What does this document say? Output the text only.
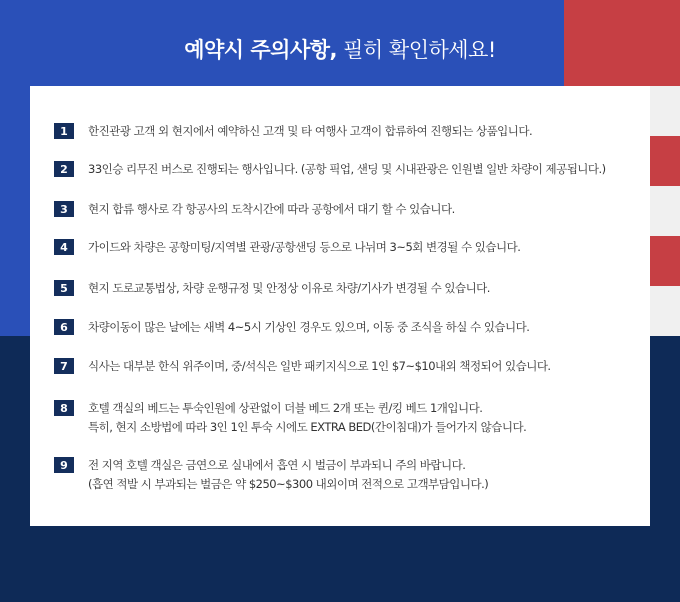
예약시 주의사항, 필히 확인하세요!
1	한진관광 고객 외 현지에서 예약하신 고객 및 타 여행사 고객이 합류하여 진행되는 상품입니다.
2	33인승 리무진 버스로 진행되는 행사입니다. (공항 픽업, 샌딩 및 시내관광은 인원별 일반 차량이 제공됩니다.)
3	현지 합류 행사로 각 항공사의 도착시간에 따라 공항에서 대기 할 수 있습니다.
4	가이드와 차량은 공항미팅/지역별 관광/공항샌딩 등으로 나뉘며 3~5회 변경될 수 있습니다.
5	현지 도로교통법상, 차량 운행규정 및 안정상 이유로 차량/기사가 변경될 수 있습니다.
6	차량이동이 많은 날에는 새벽 4~5시 기상인 경우도 있으며, 이동 중 조식을 하실 수 있습니다.
7	식사는 대부분 한식 위주이며, 중/석식은 일반 패키지식으로 1인 $7~$10내외 책정되어 있습니다.
8	호텔 객실의 베드는 투숙인원에 상관없이 더블 베드 2개 또는 퀸/킹 베드 1개입니다.
특히, 현지 소방법에 따라 3인 1인 투숙 시에도 EXTRA BED(간이침대)가 들어가지 않습니다.
9	전 지역 호텔 객실은 금연으로 실내에서 흡연 시 벌금이 부과되니 주의 바랍니다.
(흡연 적발 시 부과되는 벌금은 약 $250~$300 내외이며 전적으로 고객부담입니다.)
